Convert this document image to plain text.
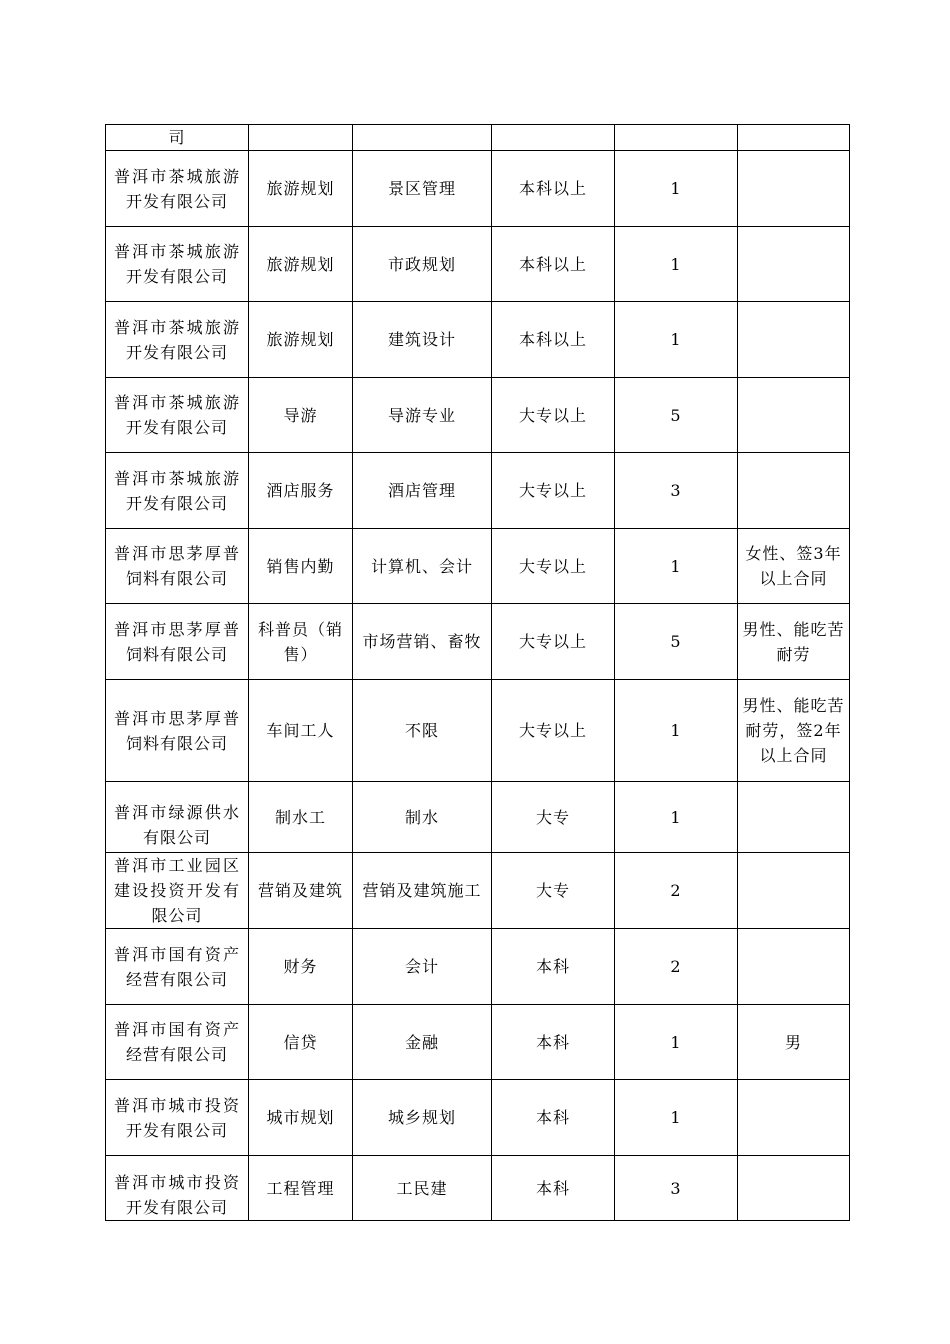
司					
普洱市茶城旅游开发有限公司	旅游规划	景区管理	本科以上	1	
普洱市茶城旅游开发有限公司	旅游规划	市政规划	本科以上	1	
普洱市茶城旅游开发有限公司	旅游规划	建筑设计	本科以上	1	
普洱市茶城旅游开发有限公司	导游	导游专业	大专以上	5	
普洱市茶城旅游开发有限公司	酒店服务	酒店管理	大专以上	3	
普洱市思茅厚普饲料有限公司	销售内勤	计算机、会计	大专以上	1	女性、签3年以上合同
普洱市思茅厚普饲料有限公司	科普员（销售）	市场营销、畜牧	大专以上	5	男性、能吃苦耐劳
普洱市思茅厚普饲料有限公司	车间工人	不限	大专以上	1	男性、能吃苦耐劳，签2年以上合同
普洱市绿源供水有限公司	制水工	制水	大专	1	
普洱市工业园区建设投资开发有限公司	营销及建筑	营销及建筑施工	大专	2	
普洱市国有资产经营有限公司	财务	会计	本科	2	
普洱市国有资产经营有限公司	信贷	金融	本科	1	男
普洱市城市投资开发有限公司	城市规划	城乡规划	本科	1	

普洱市城市投资开发有限公司	工程管理	工民建	本科	3	
